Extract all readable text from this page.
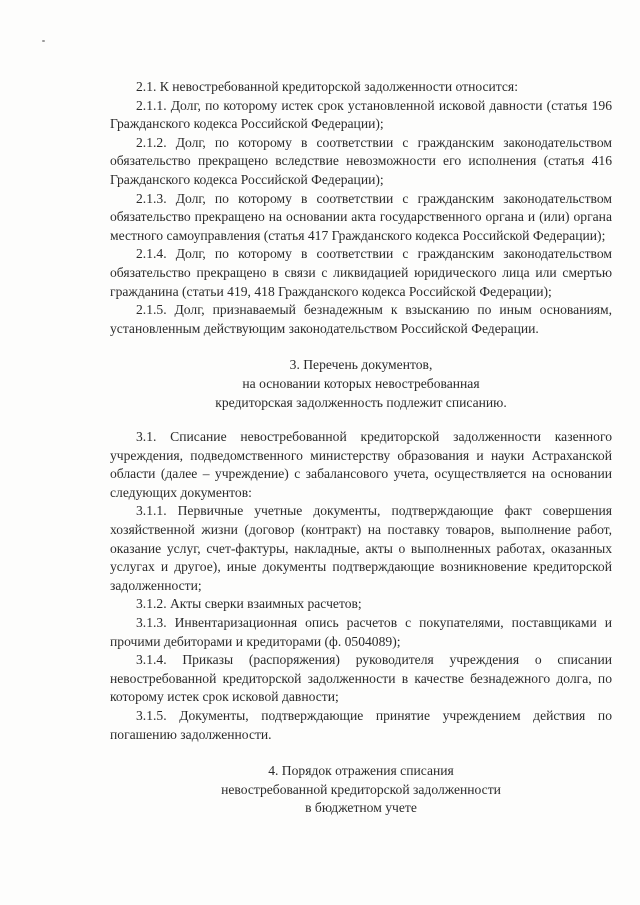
2.1. К невостребованной кредиторской задолженности относится:

2.1.1. Долг, по которому истек срок установленной исковой давности (статья 196 Гражданского кодекса Российской Федерации);

2.1.2. Долг, по которому в соответствии с гражданским законодательством обязательство прекращено вследствие невозможности его исполнения (статья 416 Гражданского кодекса Российской Федерации);

2.1.3. Долг, по которому в соответствии с гражданским законодательством обязательство прекращено на основании акта государственного органа и (или) органа местного самоуправления (статья 417 Гражданского кодекса Российской Федерации);

2.1.4. Долг, по которому в соответствии с гражданским законодательством обязательство прекращено в связи с ликвидацией юридического лица или смертью гражданина (статьи 419, 418 Гражданского кодекса Российской Федерации);

2.1.5. Долг, признаваемый безнадежным к взысканию по иным основаниям, установленным действующим законодательством Российской Федерации.

3. Перечень документов,
на основании которых невостребованная
кредиторская задолженность подлежит списанию.

3.1. Списание невостребованной кредиторской задолженности казенного учреждения, подведомственного министерству образования и науки Астраханской области (далее – учреждение) с забалансового учета, осуществляется на основании следующих документов:

3.1.1. Первичные учетные документы, подтверждающие факт совершения хозяйственной жизни (договор (контракт) на поставку товаров, выполнение работ, оказание услуг, счет-фактуры, накладные, акты о выполненных работах, оказанных услугах и другое), иные документы подтверждающие возникновение кредиторской задолженности;

3.1.2. Акты сверки взаимных расчетов;

3.1.3. Инвентаризационная опись расчетов с покупателями, поставщиками и прочими дебиторами и кредиторами (ф. 0504089);

3.1.4. Приказы (распоряжения) руководителя учреждения о списании невостребованной кредиторской задолженности в качестве безнадежного долга, по которому истек срок исковой давности;

3.1.5. Документы, подтверждающие принятие учреждением действия по погашению задолженности.

4. Порядок отражения списания
невостребованной кредиторской задолженности
в бюджетном учете
